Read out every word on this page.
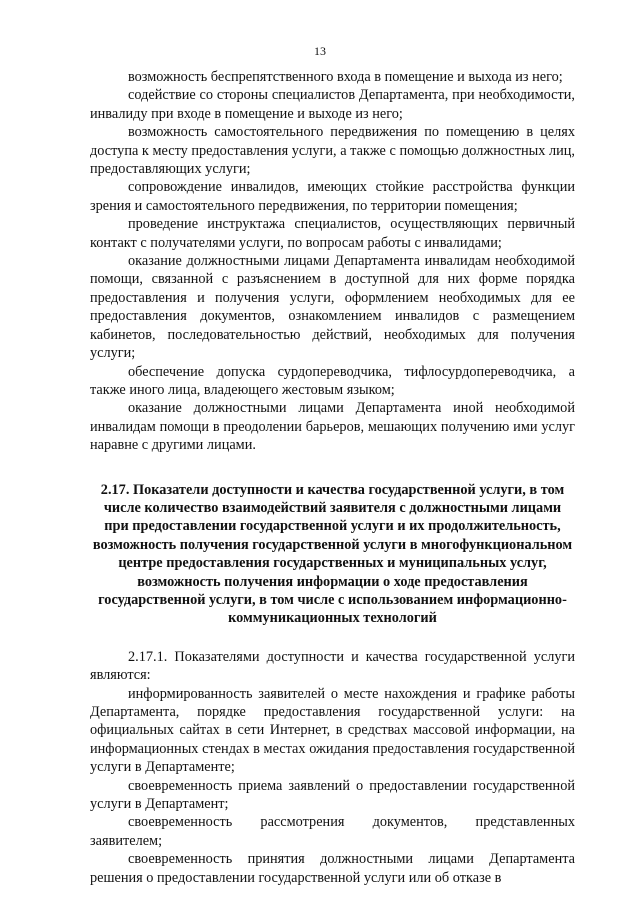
13

возможность беспрепятственного входа в помещение и выхода из него;

содействие со стороны специалистов Департамента, при необходимости, инвалиду при входе в помещение и выходе из него;

возможность самостоятельного передвижения по помещению в целях доступа к месту предоставления услуги, а также с помощью должностных лиц, предоставляющих услуги;

сопровождение инвалидов, имеющих стойкие расстройства функции зрения и самостоятельного передвижения, по территории помещения;

проведение инструктажа специалистов, осуществляющих первичный контакт с получателями услуги, по вопросам работы с инвалидами;

оказание должностными лицами Департамента инвалидам необходимой помощи, связанной с разъяснением в доступной для них форме порядка предоставления и получения услуги, оформлением необходимых для ее предоставления документов, ознакомлением инвалидов с размещением кабинетов, последовательностью действий, необходимых для получения услуги;

обеспечение допуска сурдопереводчика, тифлосурдопереводчика, а также иного лица, владеющего жестовым языком;

оказание должностными лицами Департамента иной необходимой инвалидам помощи в преодолении барьеров, мешающих получению ими услуг наравне с другими лицами.

2.17. Показатели доступности и качества государственной услуги, в том числе количество взаимодействий заявителя с должностными лицами при предоставлении государственной услуги и их продолжительность, возможность получения государственной услуги в многофункциональном центре предоставления государственных и муниципальных услуг, возможность получения информации о ходе предоставления государственной услуги, в том числе с использованием информационно-коммуникационных технологий

2.17.1. Показателями доступности и качества государственной услуги являются:

информированность заявителей о месте нахождения и графике работы Департамента, порядке предоставления государственной услуги: на официальных сайтах в сети Интернет, в средствах массовой информации, на информационных стендах в местах ожидания предоставления государственной услуги в Департаменте;

своевременность приема заявлений о предоставлении государственной услуги в Департамент;

своевременность рассмотрения документов, представленных заявителем;

своевременность принятия должностными лицами Департамента решения о предоставлении государственной услуги или об отказе в
